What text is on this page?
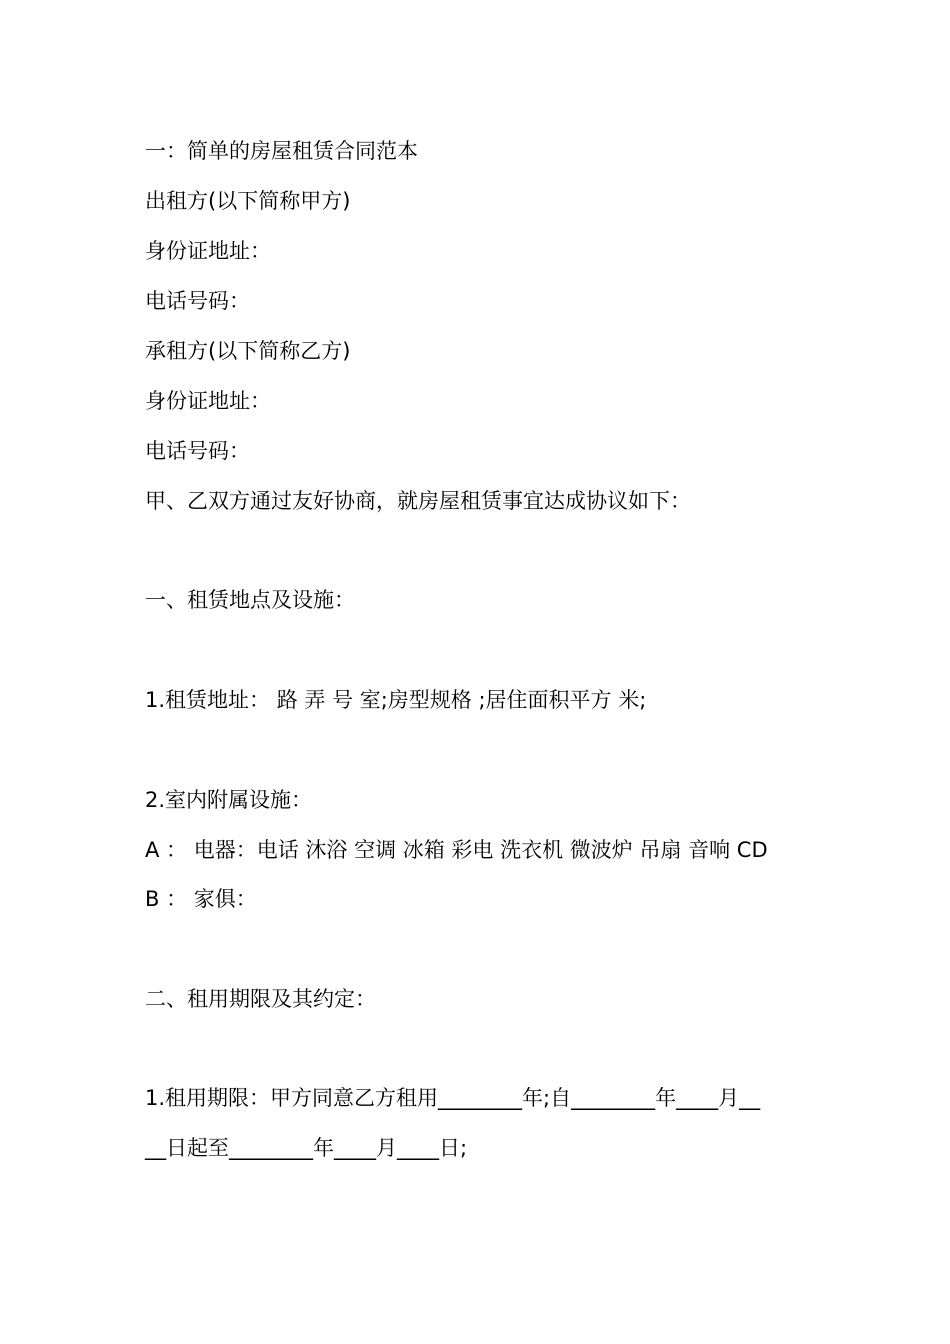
一：简单的房屋租赁合同范本
出租方(以下简称甲方)
身份证地址：
电话号码：
承租方(以下简称乙方)
身份证地址：
电话号码：
甲、乙双方通过友好协商，就房屋租赁事宜达成协议如下：
一、租赁地点及设施：
1.租赁地址： 路 弄 号 室;房型规格 ;居住面积平方 米;
2.室内附属设施：
A ： 电器：电话 沐浴 空调 冰箱 彩电 洗衣机 微波炉 吊扇 音响 CD
B ： 家俱：
二、租用期限及其约定：
1.租用期限：甲方同意乙方租用________年;自________年____月__
__日起至________年____月____日;
